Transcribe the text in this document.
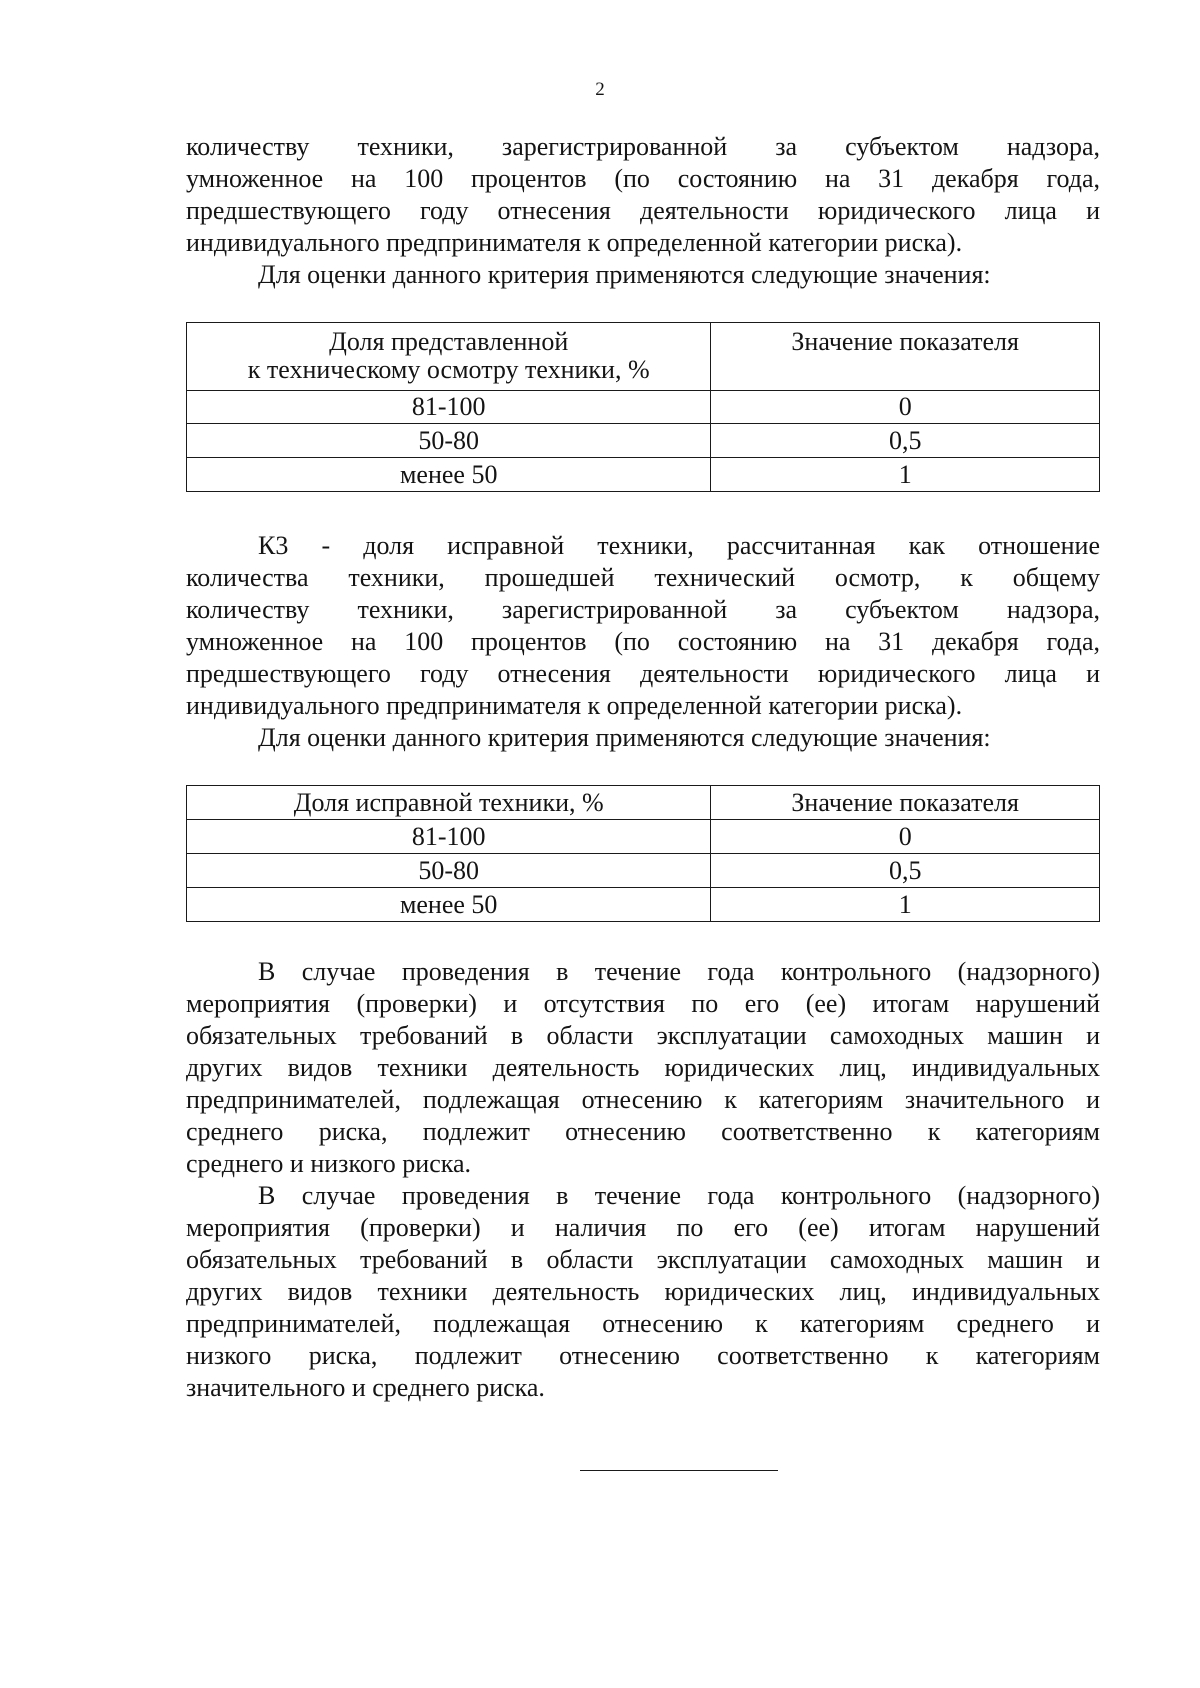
2
количеству техники, зарегистрированной за субъектом надзора,
умноженное на 100 процентов (по состоянию на 31 декабря года,
предшествующего году отнесения деятельности юридического лица и
индивидуального предпринимателя к определенной категории риска).
Для оценки данного критерия применяются следующие значения:
Доля представленной
к техническому осмотру техники, %	Значение показателя
81-100	0
50-80	0,5
менее 50	1
К3 - доля исправной техники, рассчитанная как отношение
количества техники, прошедшей технический осмотр, к общему
количеству техники, зарегистрированной за субъектом надзора,
умноженное на 100 процентов (по состоянию на 31 декабря года,
предшествующего году отнесения деятельности юридического лица и
индивидуального предпринимателя к определенной категории риска).
Для оценки данного критерия применяются следующие значения:
Доля исправной техники, %	Значение показателя
81-100	0
50-80	0,5
менее 50	1
В случае проведения в течение года контрольного (надзорного)
мероприятия (проверки) и отсутствия по его (ее) итогам нарушений
обязательных требований в области эксплуатации самоходных машин и
других видов техники деятельность юридических лиц, индивидуальных
предпринимателей, подлежащая отнесению к категориям значительного и
среднего риска, подлежит отнесению соответственно к категориям
среднего и низкого риска.
В случае проведения в течение года контрольного (надзорного)
мероприятия (проверки) и наличия по его (ее) итогам нарушений
обязательных требований в области эксплуатации самоходных машин и
других видов техники деятельность юридических лиц, индивидуальных
предпринимателей, подлежащая отнесению к категориям среднего и
низкого риска, подлежит отнесению соответственно к категориям
значительного и среднего риска.
